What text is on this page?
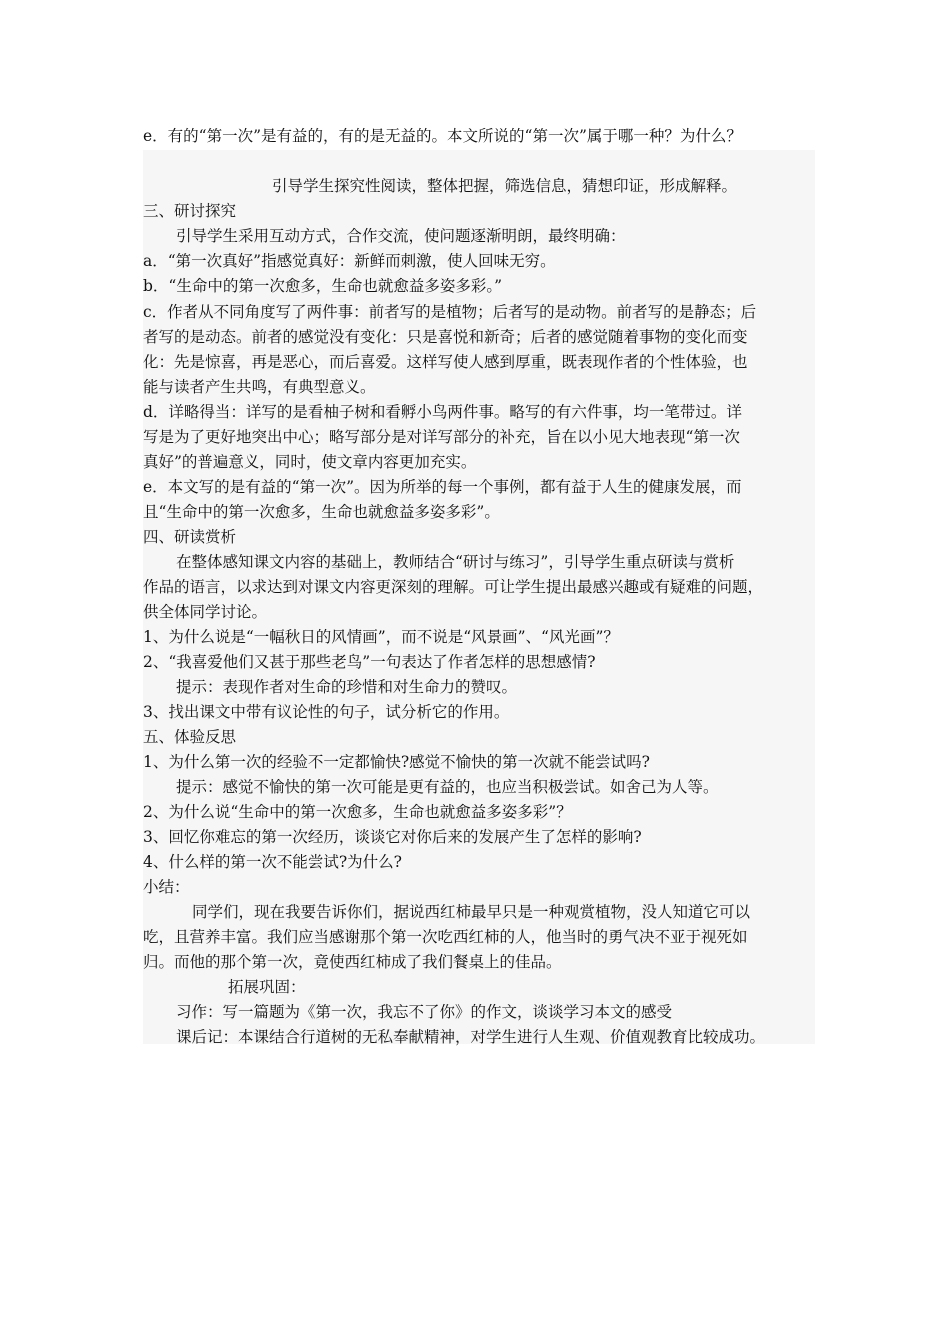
e．有的“第一次”是有益的，有的是无益的。本文所说的“第一次”属于哪一种？为什么？
引导学生探究性阅读，整体把握，筛选信息，猜想印证，形成解释。
三、研讨探究
引导学生采用互动方式，合作交流，使问题逐渐明朗，最终明确：
a．“第一次真好”指感觉真好：新鲜而刺激，使人回味无穷。
b．“生命中的第一次愈多，生命也就愈益多姿多彩。”
c．作者从不同角度写了两件事：前者写的是植物；后者写的是动物。前者写的是静态；后
者写的是动态。前者的感觉没有变化：只是喜悦和新奇；后者的感觉随着事物的变化而变
化：先是惊喜，再是恶心，而后喜爱。这样写使人感到厚重，既表现作者的个性体验，也
能与读者产生共鸣，有典型意义。
d．详略得当：详写的是看柚子树和看孵小鸟两件事。略写的有六件事，均一笔带过。详
写是为了更好地突出中心；略写部分是对详写部分的补充，旨在以小见大地表现“第一次
真好”的普遍意义，同时，使文章内容更加充实。
e．本文写的是有益的“第一次”。因为所举的每一个事例，都有益于人生的健康发展，而
且“生命中的第一次愈多，生命也就愈益多姿多彩”。
四、研读赏析
在整体感知课文内容的基础上，教师结合“研讨与练习”，引导学生重点研读与赏析
作品的语言，以求达到对课文内容更深刻的理解。可让学生提出最感兴趣或有疑难的问题，
供全体同学讨论。
1、为什么说是“一幅秋日的风情画”，而不说是“风景画”、“风光画”？
2、“我喜爱他们又甚于那些老鸟”一句表达了作者怎样的思想感情?
提示：表现作者对生命的珍惜和对生命力的赞叹。
3、找出课文中带有议论性的句子，试分析它的作用。
五、体验反思
1、为什么第一次的经验不一定都愉快?感觉不愉快的第一次就不能尝试吗?
提示：感觉不愉快的第一次可能是更有益的，也应当积极尝试。如舍己为人等。
2、为什么说“生命中的第一次愈多，生命也就愈益多姿多彩”？
3、回忆你难忘的第一次经历，谈谈它对你后来的发展产生了怎样的影响?
4、什么样的第一次不能尝试?为什么?
小结：
同学们，现在我要告诉你们，据说西红柿最早只是一种观赏植物，没人知道它可以
吃，且营养丰富。我们应当感谢那个第一次吃西红柿的人，他当时的勇气决不亚于视死如
归。而他的那个第一次，竟使西红柿成了我们餐桌上的佳品。
拓展巩固：
习作：写一篇题为《第一次，我忘不了你》的作文，谈谈学习本文的感受
课后记：本课结合行道树的无私奉献精神，对学生进行人生观、价值观教育比较成功。
